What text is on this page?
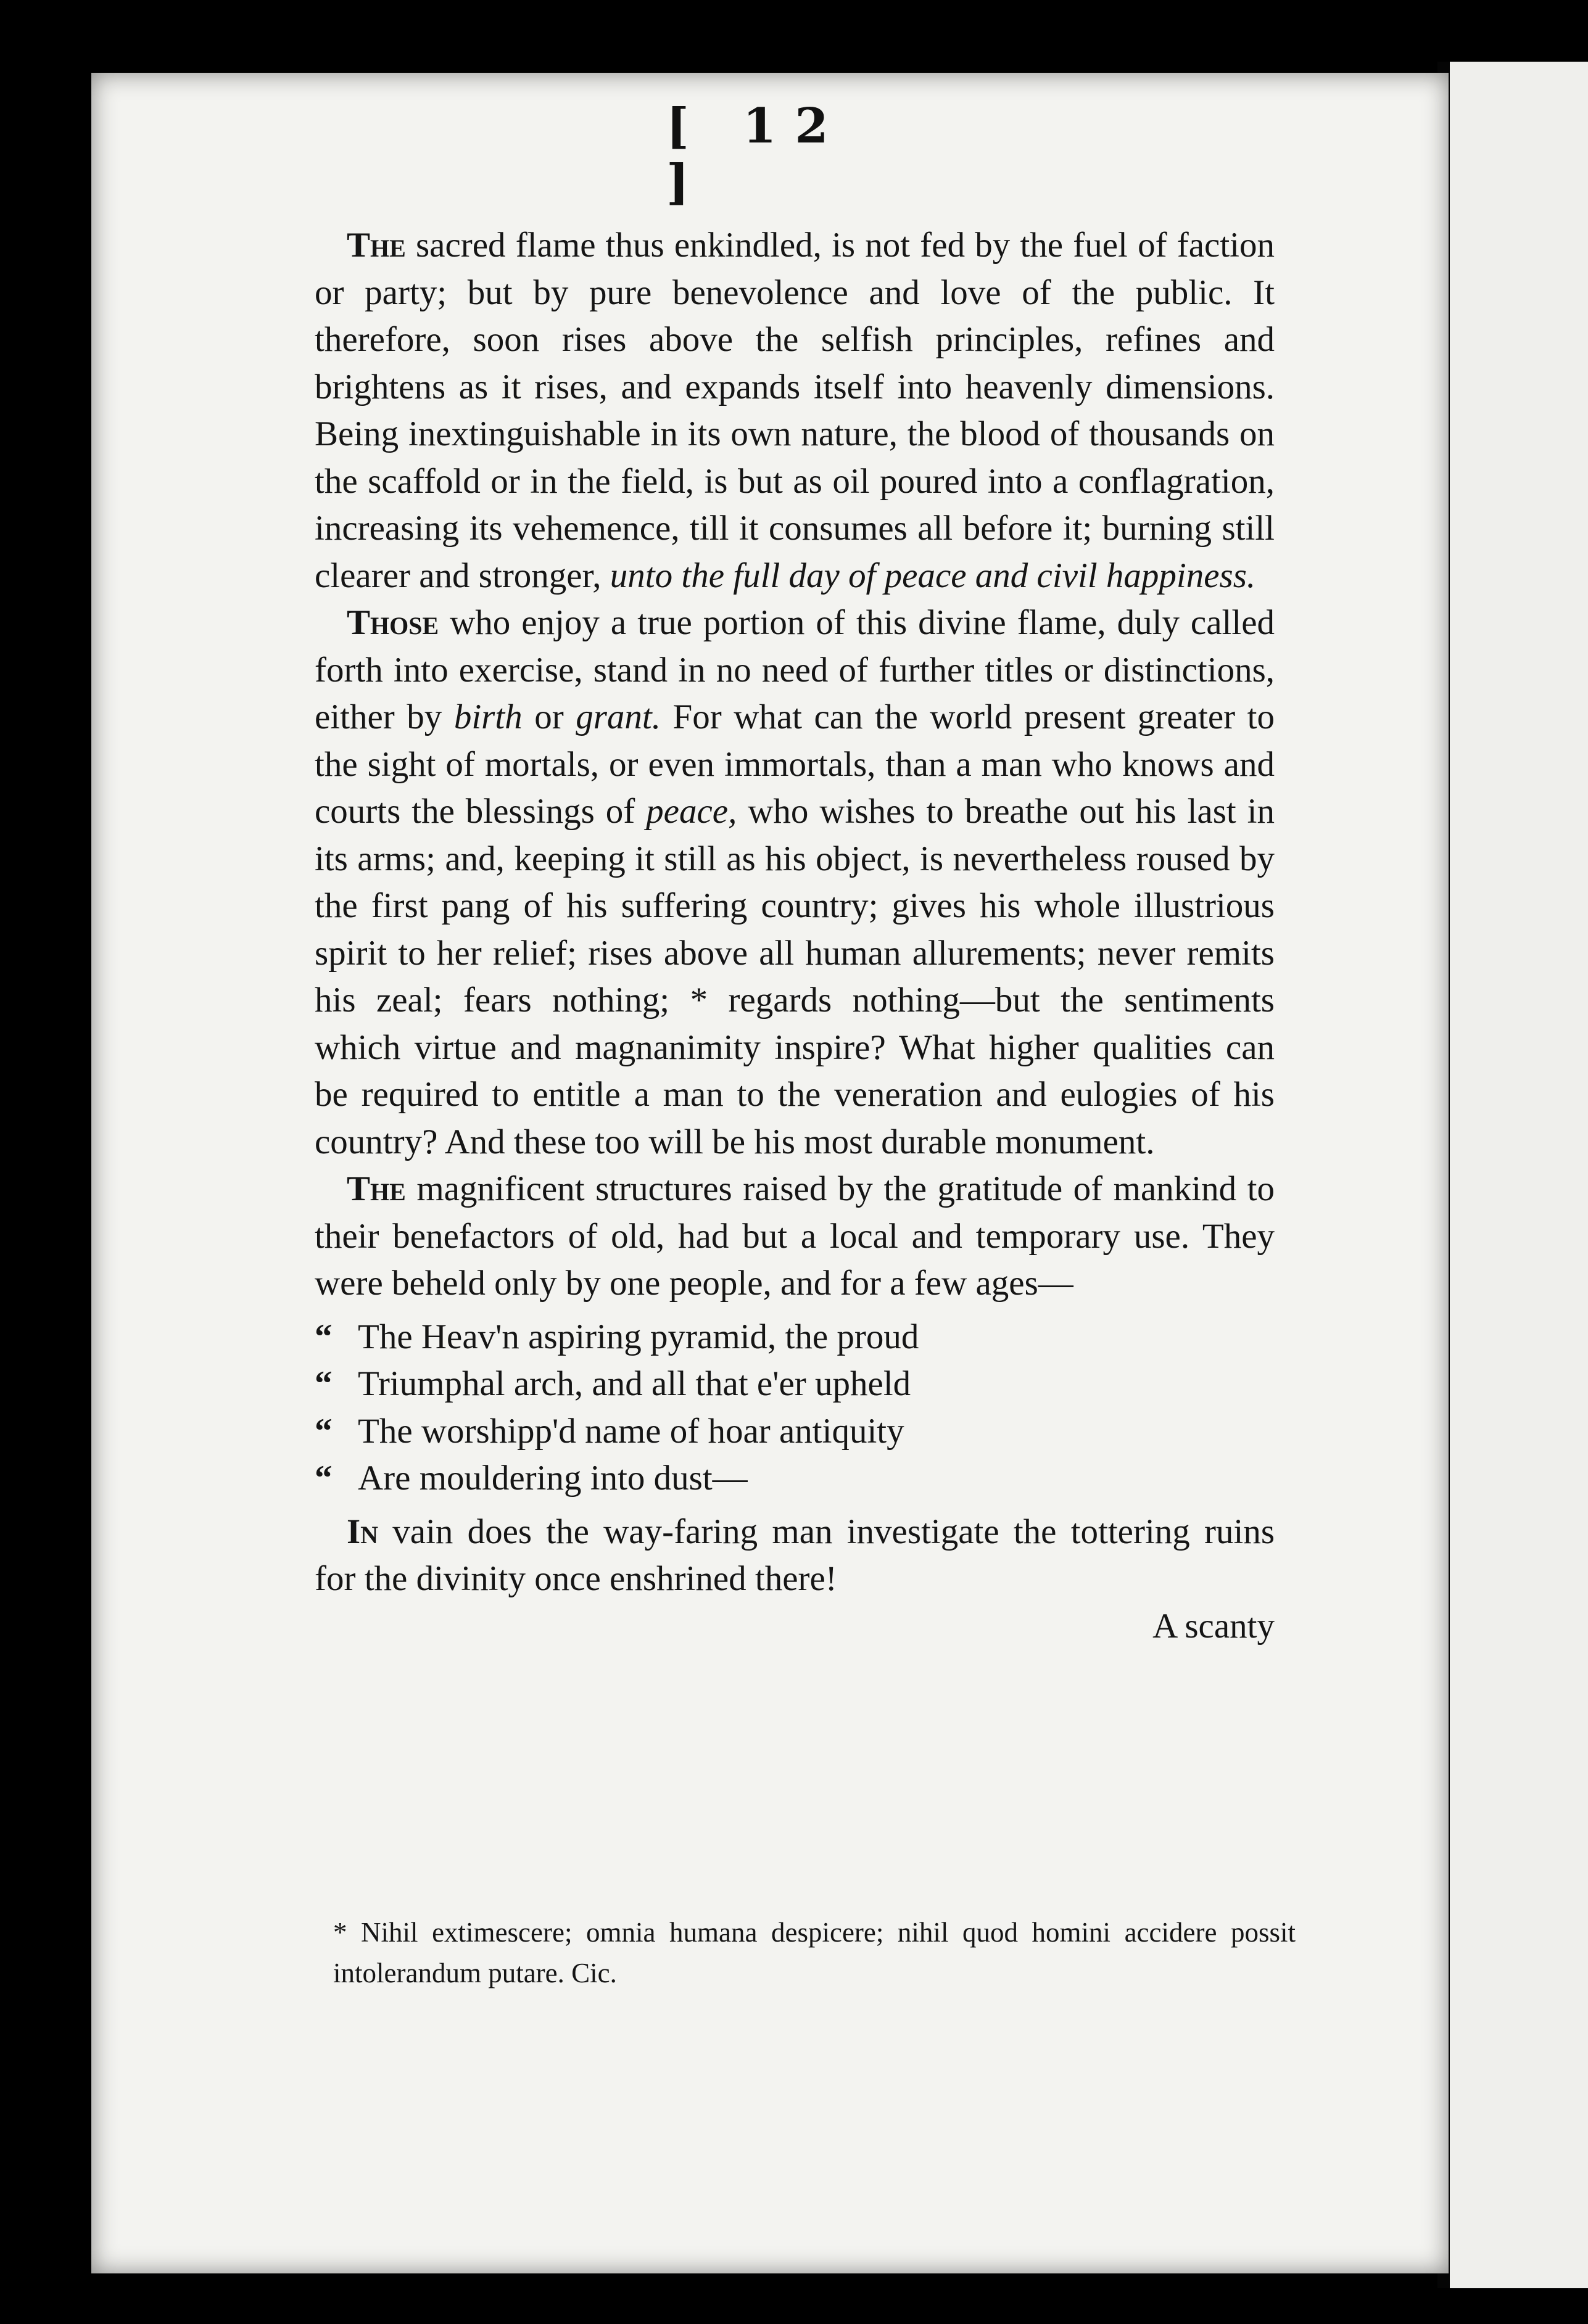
[ 12 ]

The sacred flame thus enkindled, is not fed by the fuel of faction or party; but by pure benevolence and love of the public. It therefore, soon rises above the selfish principles, refines and brightens as it rises, and expands itself into heavenly dimensions. Being inextinguishable in its own nature, the blood of thousands on the scaffold or in the field, is but as oil poured into a conflagration, increasing its vehemence, till it consumes all before it; burning still clearer and stronger, unto the full day of peace and civil happiness.

Those who enjoy a true portion of this divine flame, duly called forth into exercise, stand in no need of further titles or distinctions, either by birth or grant. For what can the world present greater to the sight of mortals, or even immortals, than a man who knows and courts the blessings of peace, who wishes to breathe out his last in its arms; and, keeping it still as his object, is nevertheless roused by the first pang of his suffering country; gives his whole illustrious spirit to her relief; rises above all human allurements; never remits his zeal; fears nothing; * regards nothing—but the sentiments which virtue and magnanimity inspire? What higher qualities can be required to entitle a man to the veneration and eulogies of his country? And these too will be his most durable monument.

The magnificent structures raised by the gratitude of mankind to their benefactors of old, had but a local and temporary use. They were beheld only by one people, and for a few ages—

“ The Heav'n aspiring pyramid, the proud
“ Triumphal arch, and all that e'er upheld
“ The worshipp'd name of hoar antiquity
“ Are mouldering into dust—

In vain does the way-faring man investigate the tottering ruins for the divinity once enshrined there!

A scanty

* Nihil extimescere; omnia humana despicere; nihil quod homini accidere possit intolerandum putare. Cic.
